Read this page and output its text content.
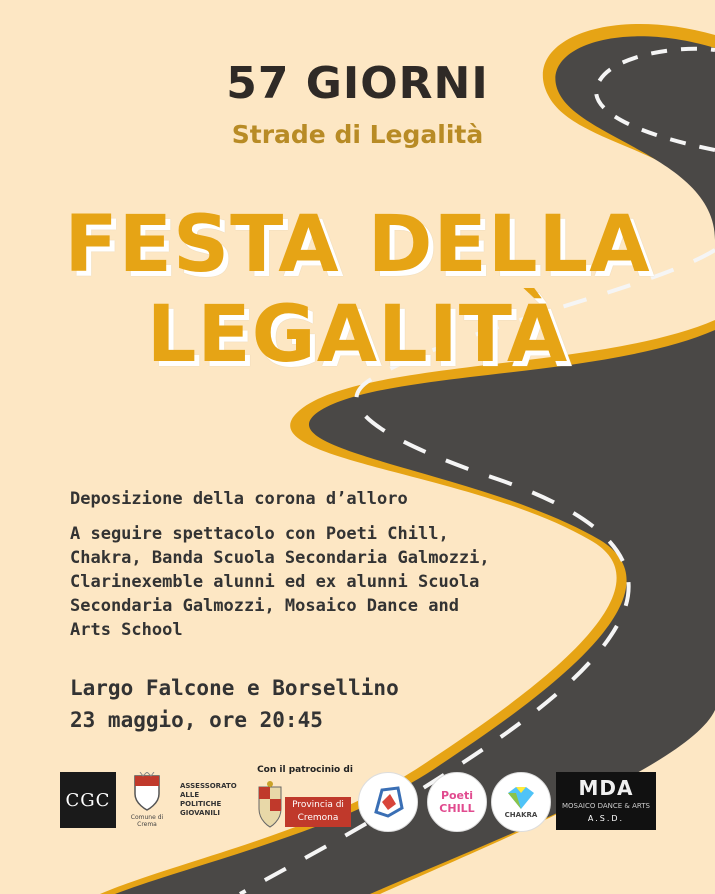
57 GIORNI
Strade di Legalità
FESTA DELLA
LEGALITÀ
Deposizione della corona d’alloro
A seguire spettacolo con Poeti Chill, Chakra, Banda Scuola Secondaria Galmozzi, Clarinexemble alunni ed ex alunni Scuola Secondaria Galmozzi, Mosaico Dance and Arts School
Largo Falcone e Borsellino
23 maggio, ore 20:45
CGC
Comune di Crema
ASSESSORATO ALLE POLITICHE GIOVANILI
Con il patrocinio di
Provincia di Cremona
Poeti CHILL	CHAKRA
MDA
MOSAICO DANCE & ARTS
A.S.D.
